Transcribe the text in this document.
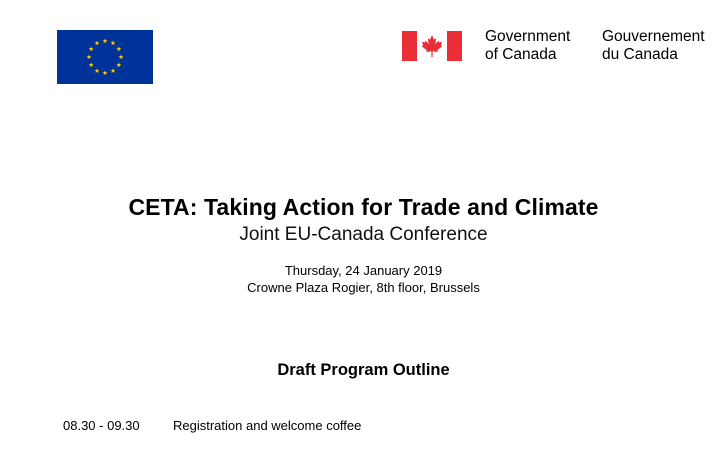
Government
of Canada
Gouvernement
du Canada
CETA: Taking Action for Trade and Climate
Joint EU-Canada Conference
Thursday, 24 January 2019
Crowne Plaza Rogier, 8th floor, Brussels
Draft Program Outline
08.30 - 09.30	Registration and welcome coffee
